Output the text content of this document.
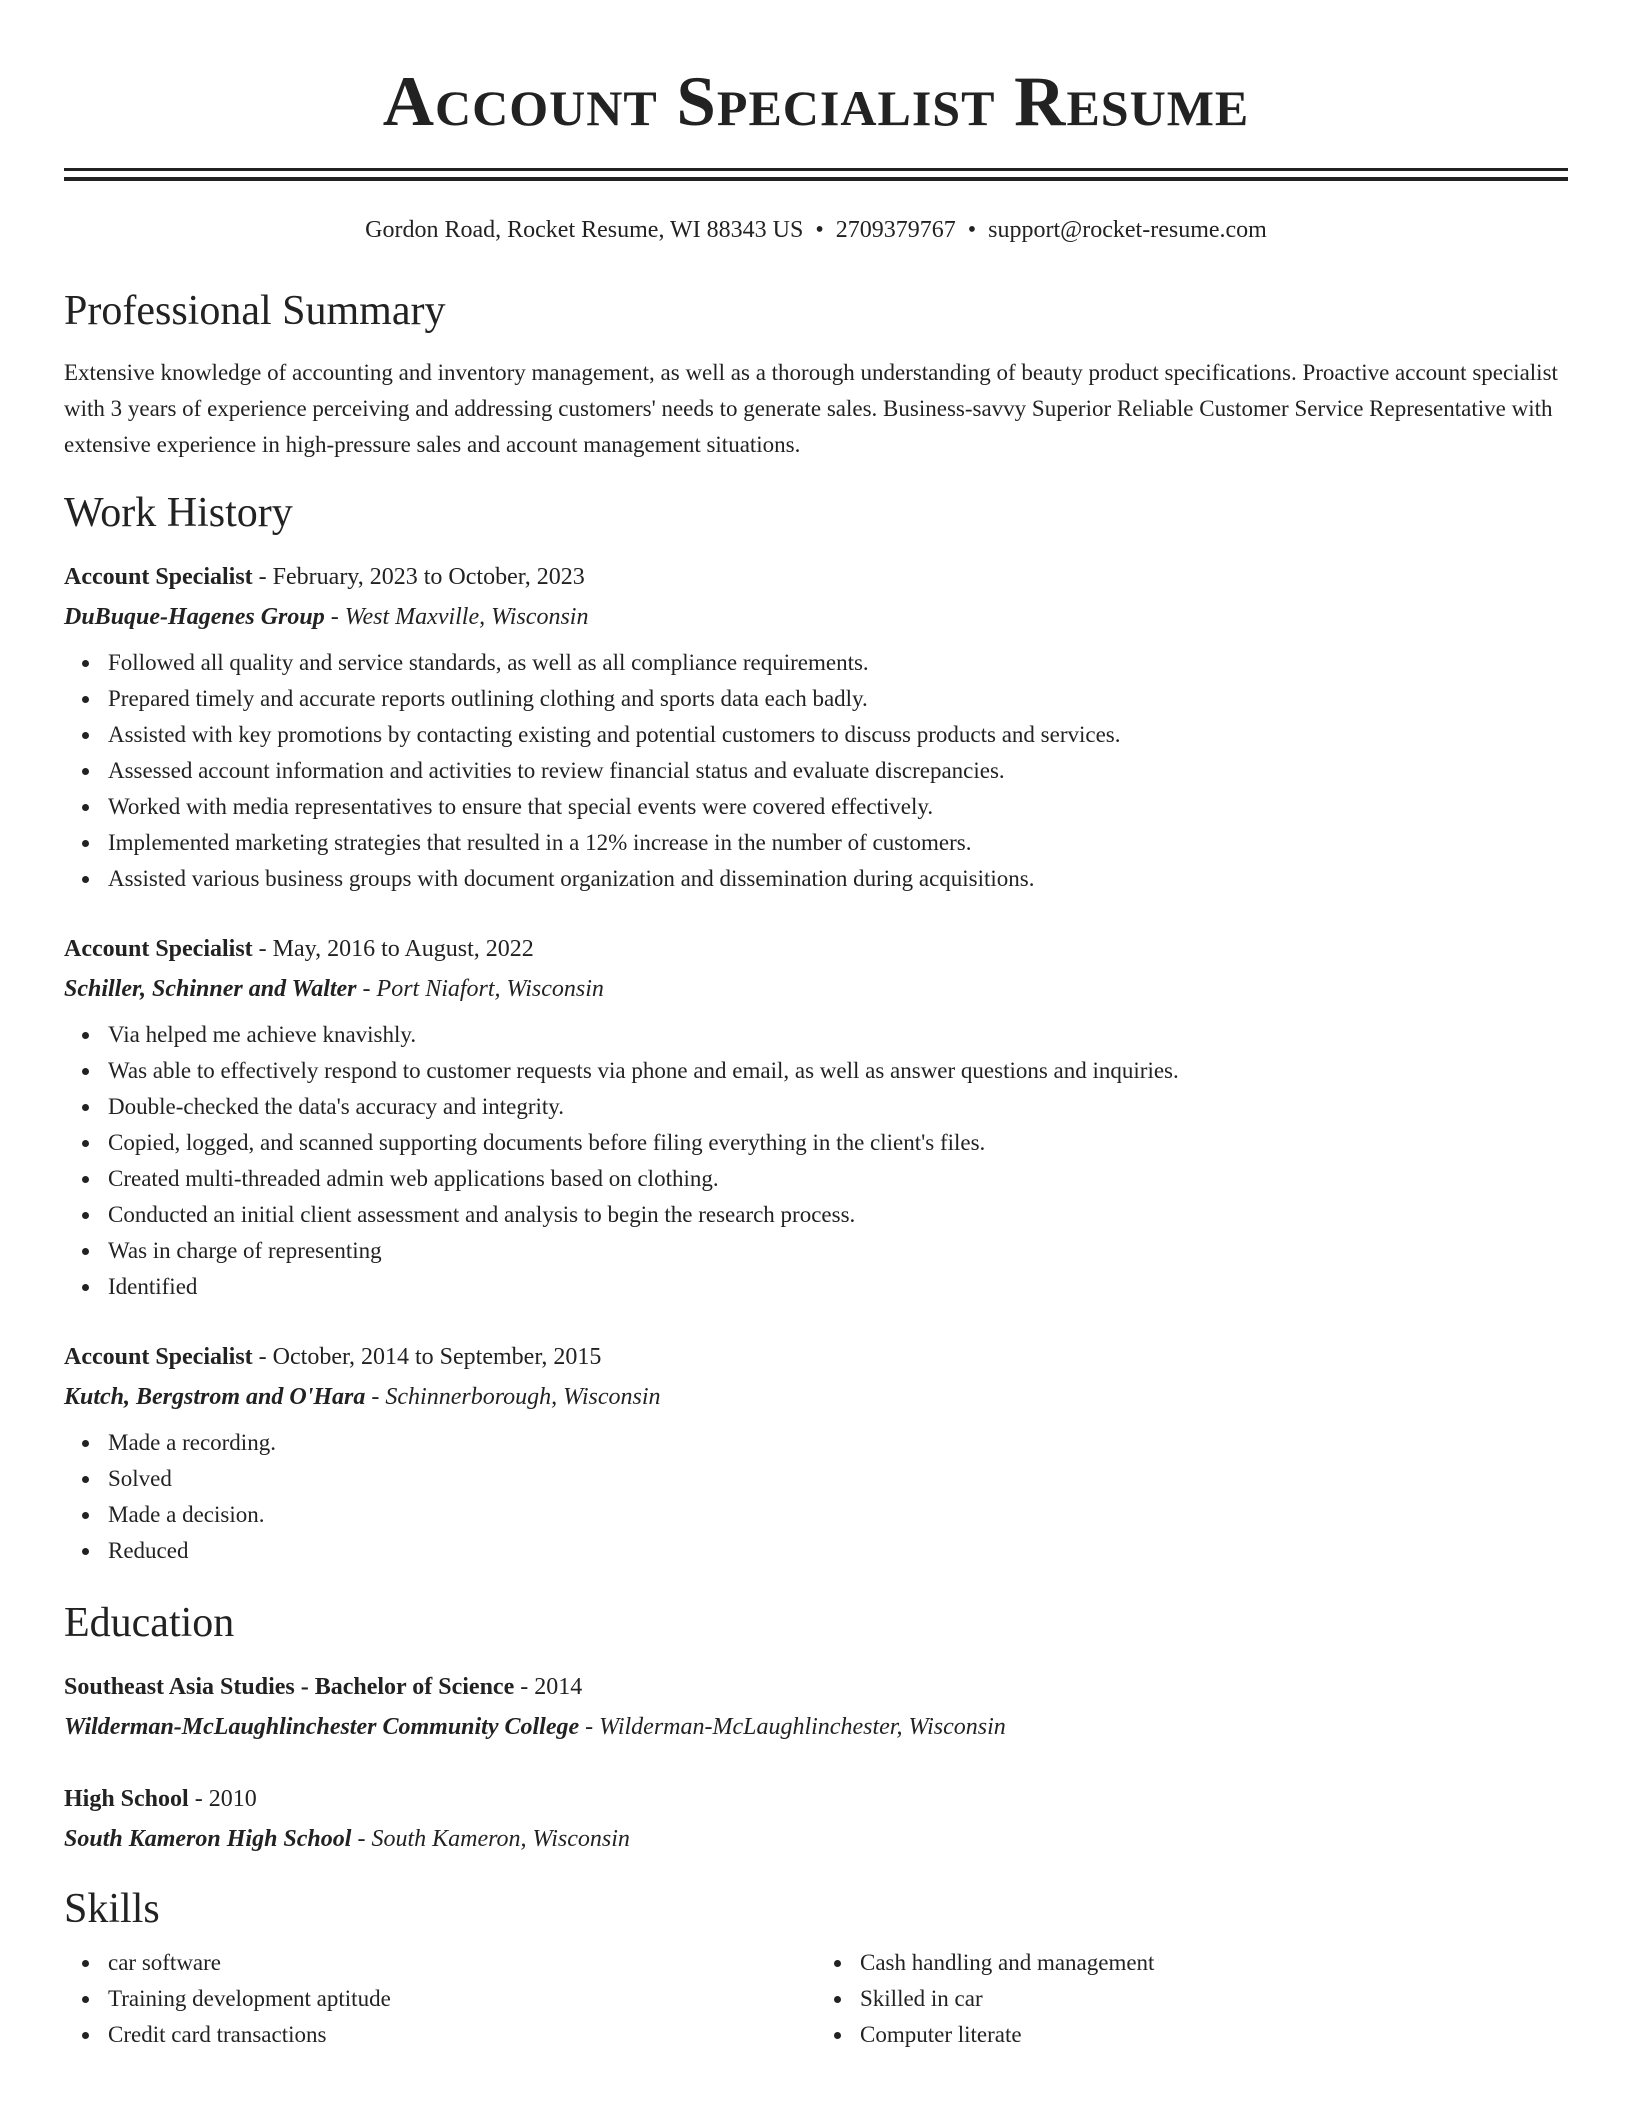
Account Specialist Resume
Gordon Road, Rocket Resume, WI 88343 US • 2709379767 • support@rocket-resume.com
Professional Summary

Extensive knowledge of accounting and inventory management, as well as a thorough understanding of beauty product specifications. Proactive account specialist with 3 years of experience perceiving and addressing customers' needs to generate sales. Business-savvy Superior Reliable Customer Service Representative with extensive experience in high-pressure sales and account management situations.

Work History
Account Specialist - February, 2023 to October, 2023
DuBuque-Hagenes Group - West Maxville, Wisconsin
Followed all quality and service standards, as well as all compliance requirements.
Prepared timely and accurate reports outlining clothing and sports data each badly.
Assisted with key promotions by contacting existing and potential customers to discuss products and services.
Assessed account information and activities to review financial status and evaluate discrepancies.
Worked with media representatives to ensure that special events were covered effectively.
Implemented marketing strategies that resulted in a 12% increase in the number of customers.
Assisted various business groups with document organization and dissemination during acquisitions.
Account Specialist - May, 2016 to August, 2022
Schiller, Schinner and Walter - Port Niafort, Wisconsin
Via helped me achieve knavishly.
Was able to effectively respond to customer requests via phone and email, as well as answer questions and inquiries.
Double-checked the data's accuracy and integrity.
Copied, logged, and scanned supporting documents before filing everything in the client's files.
Created multi-threaded admin web applications based on clothing.
Conducted an initial client assessment and analysis to begin the research process.
Was in charge of representing
Identified
Account Specialist - October, 2014 to September, 2015
Kutch, Bergstrom and O'Hara - Schinnerborough, Wisconsin
Made a recording.
Solved
Made a decision.
Reduced
Education
Southeast Asia Studies - Bachelor of Science - 2014
Wilderman-McLaughlinchester Community College - Wilderman-McLaughlinchester, Wisconsin
High School - 2010
South Kameron High School - South Kameron, Wisconsin
Skills
car software
Training development aptitude
Credit card transactions
Cash handling and management
Skilled in car
Computer literate
